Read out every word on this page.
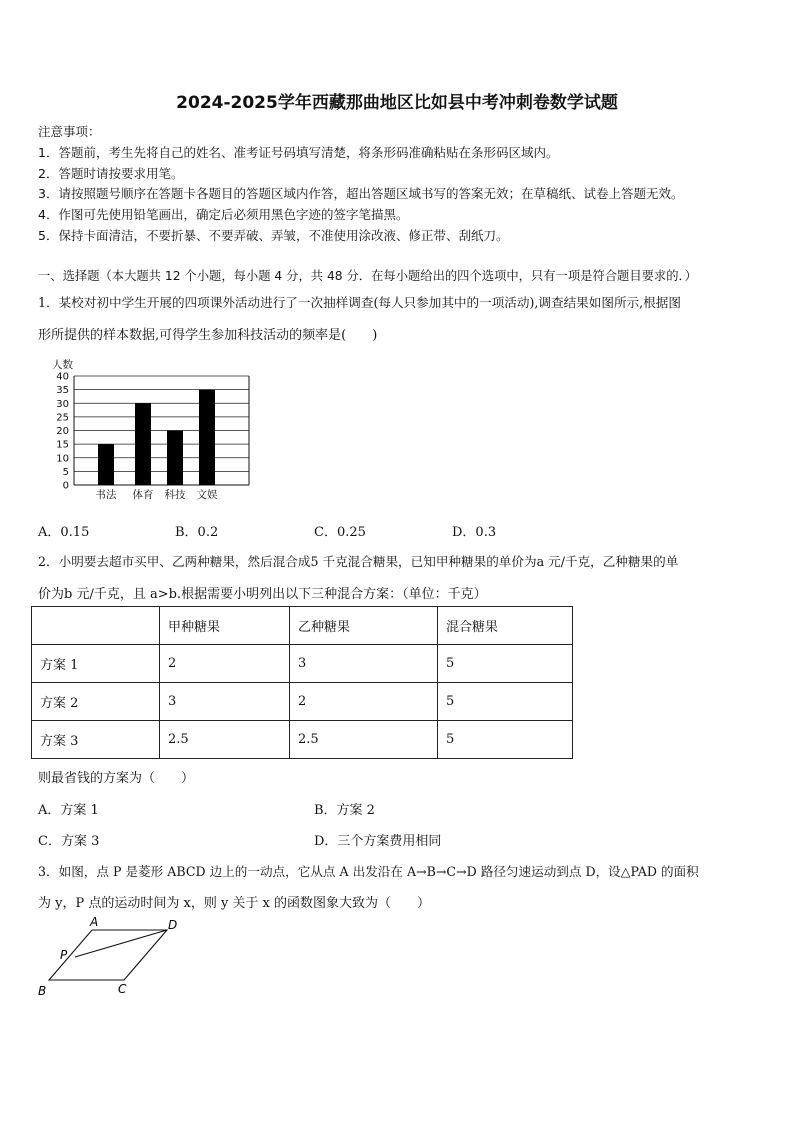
2024-2025学年西藏那曲地区比如县中考冲刺卷数学试题
注意事项：
1．答题前，考生先将自己的姓名、准考证号码填写清楚，将条形码准确粘贴在条形码区域内。
2．答题时请按要求用笔。
3．请按照题号顺序在答题卡各题目的答题区域内作答，超出答题区域书写的答案无效；在草稿纸、试卷上答题无效。
4．作图可先使用铅笔画出，确定后必须用黑色字迹的签字笔描黑。
5．保持卡面清洁，不要折暴、不要弄破、弄皱，不准使用涂改液、修正带、刮纸刀。
一、选择题（本大题共 12 个小题，每小题 4 分，共 48 分．在每小题给出的四个选项中，只有一项是符合题目要求的．）
1．某校对初中学生开展的四项课外活动进行了一次抽样调查(每人只参加其中的一项活动),调查结果如图所示,根据图
形所提供的样本数据,可得学生参加科技活动的频率是(　　)
0
5
10
15
20
25
30
35
40
人数
书法 体育 科技 文娱
A．0.15	B．0.2	C．0.25	D．0.3
2．小明要去超市买甲、乙两种糖果，然后混合成5 千克混合糖果，已知甲种糖果的单价为a 元/千克，乙种糖果的单
价为b 元/千克，且 a>b.根据需要小明列出以下三种混合方案：（单位：千克）
	甲种糖果	乙种糖果	混合糖果
方案 1	2	3	5
方案 2	3	2	5
方案 3	2.5	2.5	5
则最省钱的方案为（　　）
A．方案 1	B．方案 2
C．方案 3	D．三个方案费用相同
3．如图，点 P 是菱形 ABCD 边上的一动点，它从点 A 出发沿在 A→B→C→D 路径匀速运动到点 D，设△PAD 的面积
为 y，P 点的运动时间为 x，则 y 关于 x 的函数图象大致为（　　）
A	D
P
B	C
